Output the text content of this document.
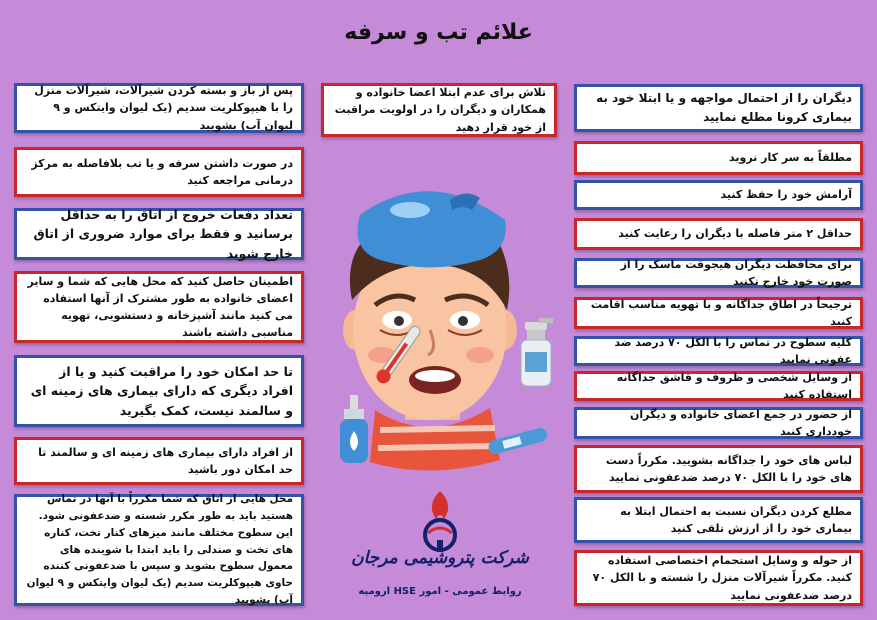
علائم تب و سرفه
تلاش برای عدم ابتلا اعضا خانواده و همکاران و دیگران را در اولویت مراقبت از خود قرار دهید
دیگران را از احتمال مواجهه و یا ابتلا خود به بیماری کرونا مطلع نمایید
مطلقاً به سر کار نروید
آرامش خود را حفظ کنید
حداقل ۲ متر فاصله با دیگران را رعایت کنید
برای محافظت دیگران هیجوقت ماسک را از صورت خود خارج نکنید
ترجیحاً در اطاق جداگانه و با تهویه مناسب اقامت کنید
کلیه سطوح در تماس را با الکل ۷۰ درصد ضد عفونی نمایید
از وسایل شخصی و ظروف و قاشق جداگانه استفاده کنید
از حضور در جمع اعضای خانواده و دیگران خودداری کنید
لباس های خود را جداگانه بشویید. مکرراً دست های خود را با الکل ۷۰ درصد ضدعفونی نمایید
مطلع کردن دیگران نسبت به احتمال ابتلا به بیماری خود را از ارزش تلقی کنید
از حوله و وسایل استحمام اختصاصی استفاده کنید. مکرراً شیرآلات منزل را شسته و با الکل ۷۰ درصد ضدعفونی نمایید
پس از باز و بسته کردن شیرآلات، شیرآلات منزل را با هیپوکلریت سدیم (یک لیوان وایتکس و ۹ لیوان آب) بشویید
در صورت داشتن سرفه و یا تب بلافاصله به مرکز درمانی مراجعه کنید
تعداد دفعات خروج از اتاق را به حداقل برسانید و فقط برای موارد ضروری از اتاق خارج شوید
اطمینان حاصل کنید که محل هایی که شما و سایر اعضای خانواده به طور مشترک از آنها استفاده می کنید مانند آشپزخانه و دستشویی، تهویه مناسبی داشته باشند
تا حد امکان خود را مراقبت کنید و یا از افراد دیگری که دارای بیماری های زمینه ای و سالمند نیست، کمک بگیرید
از افراد دارای بیماری های زمینه ای و سالمند تا حد امکان دور باشید
محل هایی از اتاق که شما مکرراً با آنها در تماس هستید باید به طور مکرر شسته و ضدعفونی شود. این سطوح مختلف مانند میزهای کنار تخت، کناره های تخت و صندلی را باید ابتدا با شوینده های معمول سطوح بشوید و سپس با ضدعفونی کننده حاوی هیپوکلریت سدیم (یک لیوان وایتکس و ۹ لیوان آب) بشویید
شرکت پتروشیمی مرجان
روابط عمومی - امور HSE ارومیه
